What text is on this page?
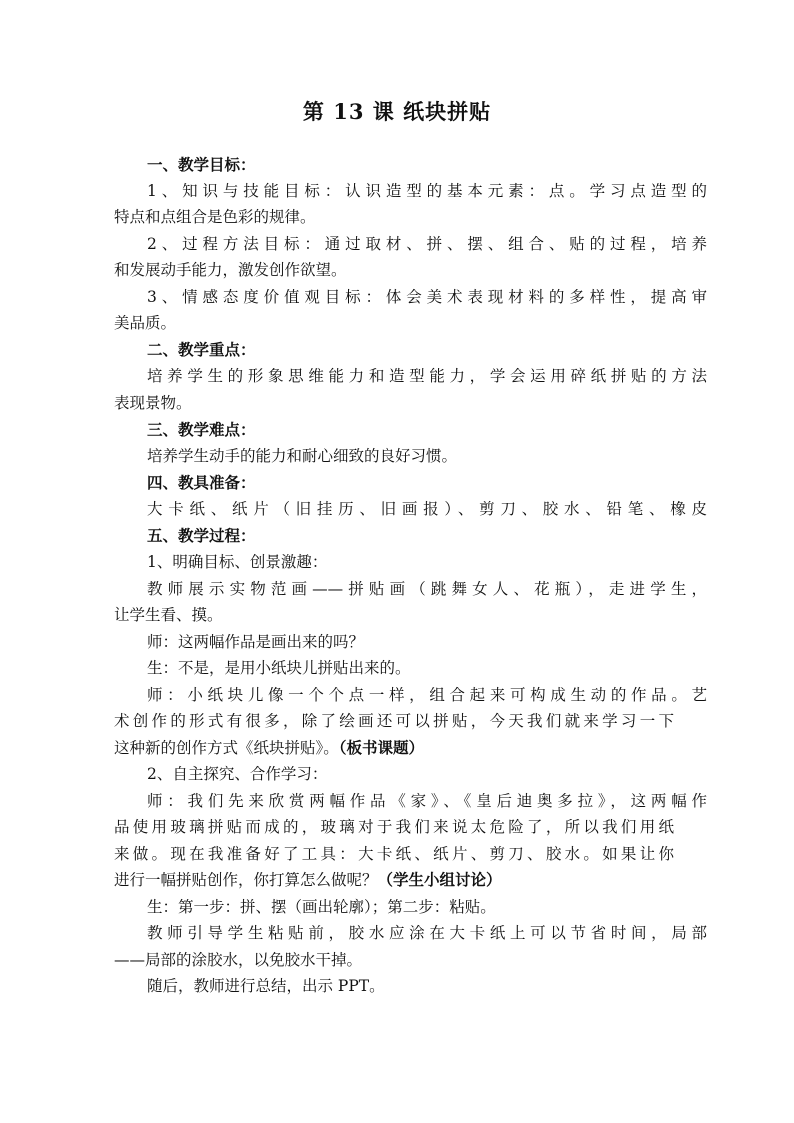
第 13 课 纸块拼贴
一、教学目标：
1、知识与技能目标：认识造型的基本元素：点。学习点造型的
特点和点组合是色彩的规律。
2、过程方法目标：通过取材、拼、摆、组合、贴的过程，培养
和发展动手能力，激发创作欲望。
3、情感态度价值观目标：体会美术表现材料的多样性，提高审
美品质。
二、教学重点：
培养学生的形象思维能力和造型能力，学会运用碎纸拼贴的方法
表现景物。
三、教学难点：
培养学生动手的能力和耐心细致的良好习惯。
四、教具准备：
大卡纸、纸片（旧挂历、旧画报）、剪刀、胶水、铅笔、橡皮
五、教学过程：
1、明确目标、创景激趣：
教师展示实物范画——拼贴画（跳舞女人、花瓶），走进学生，
让学生看、摸。
师：这两幅作品是画出来的吗？
生：不是，是用小纸块儿拼贴出来的。
师：小纸块儿像一个个点一样，组合起来可构成生动的作品。艺
术创作的形式有很多，除了绘画还可以拼贴，今天我们就来学习一下
这种新的创作方式《纸块拼贴》。（板书课题）
2、自主探究、合作学习：
师：我们先来欣赏两幅作品《家》、《皇后迪奥多拉》，这两幅作
品使用玻璃拼贴而成的，玻璃对于我们来说太危险了，所以我们用纸
来做。现在我准备好了工具：大卡纸、纸片、剪刀、胶水。如果让你
进行一幅拼贴创作，你打算怎么做呢？（学生小组讨论）
生：第一步：拼、摆（画出轮廓）；第二步：粘贴。
教师引导学生粘贴前，胶水应涂在大卡纸上可以节省时间，局部
——局部的涂胶水，以免胶水干掉。
随后，教师进行总结，出示 PPT。
